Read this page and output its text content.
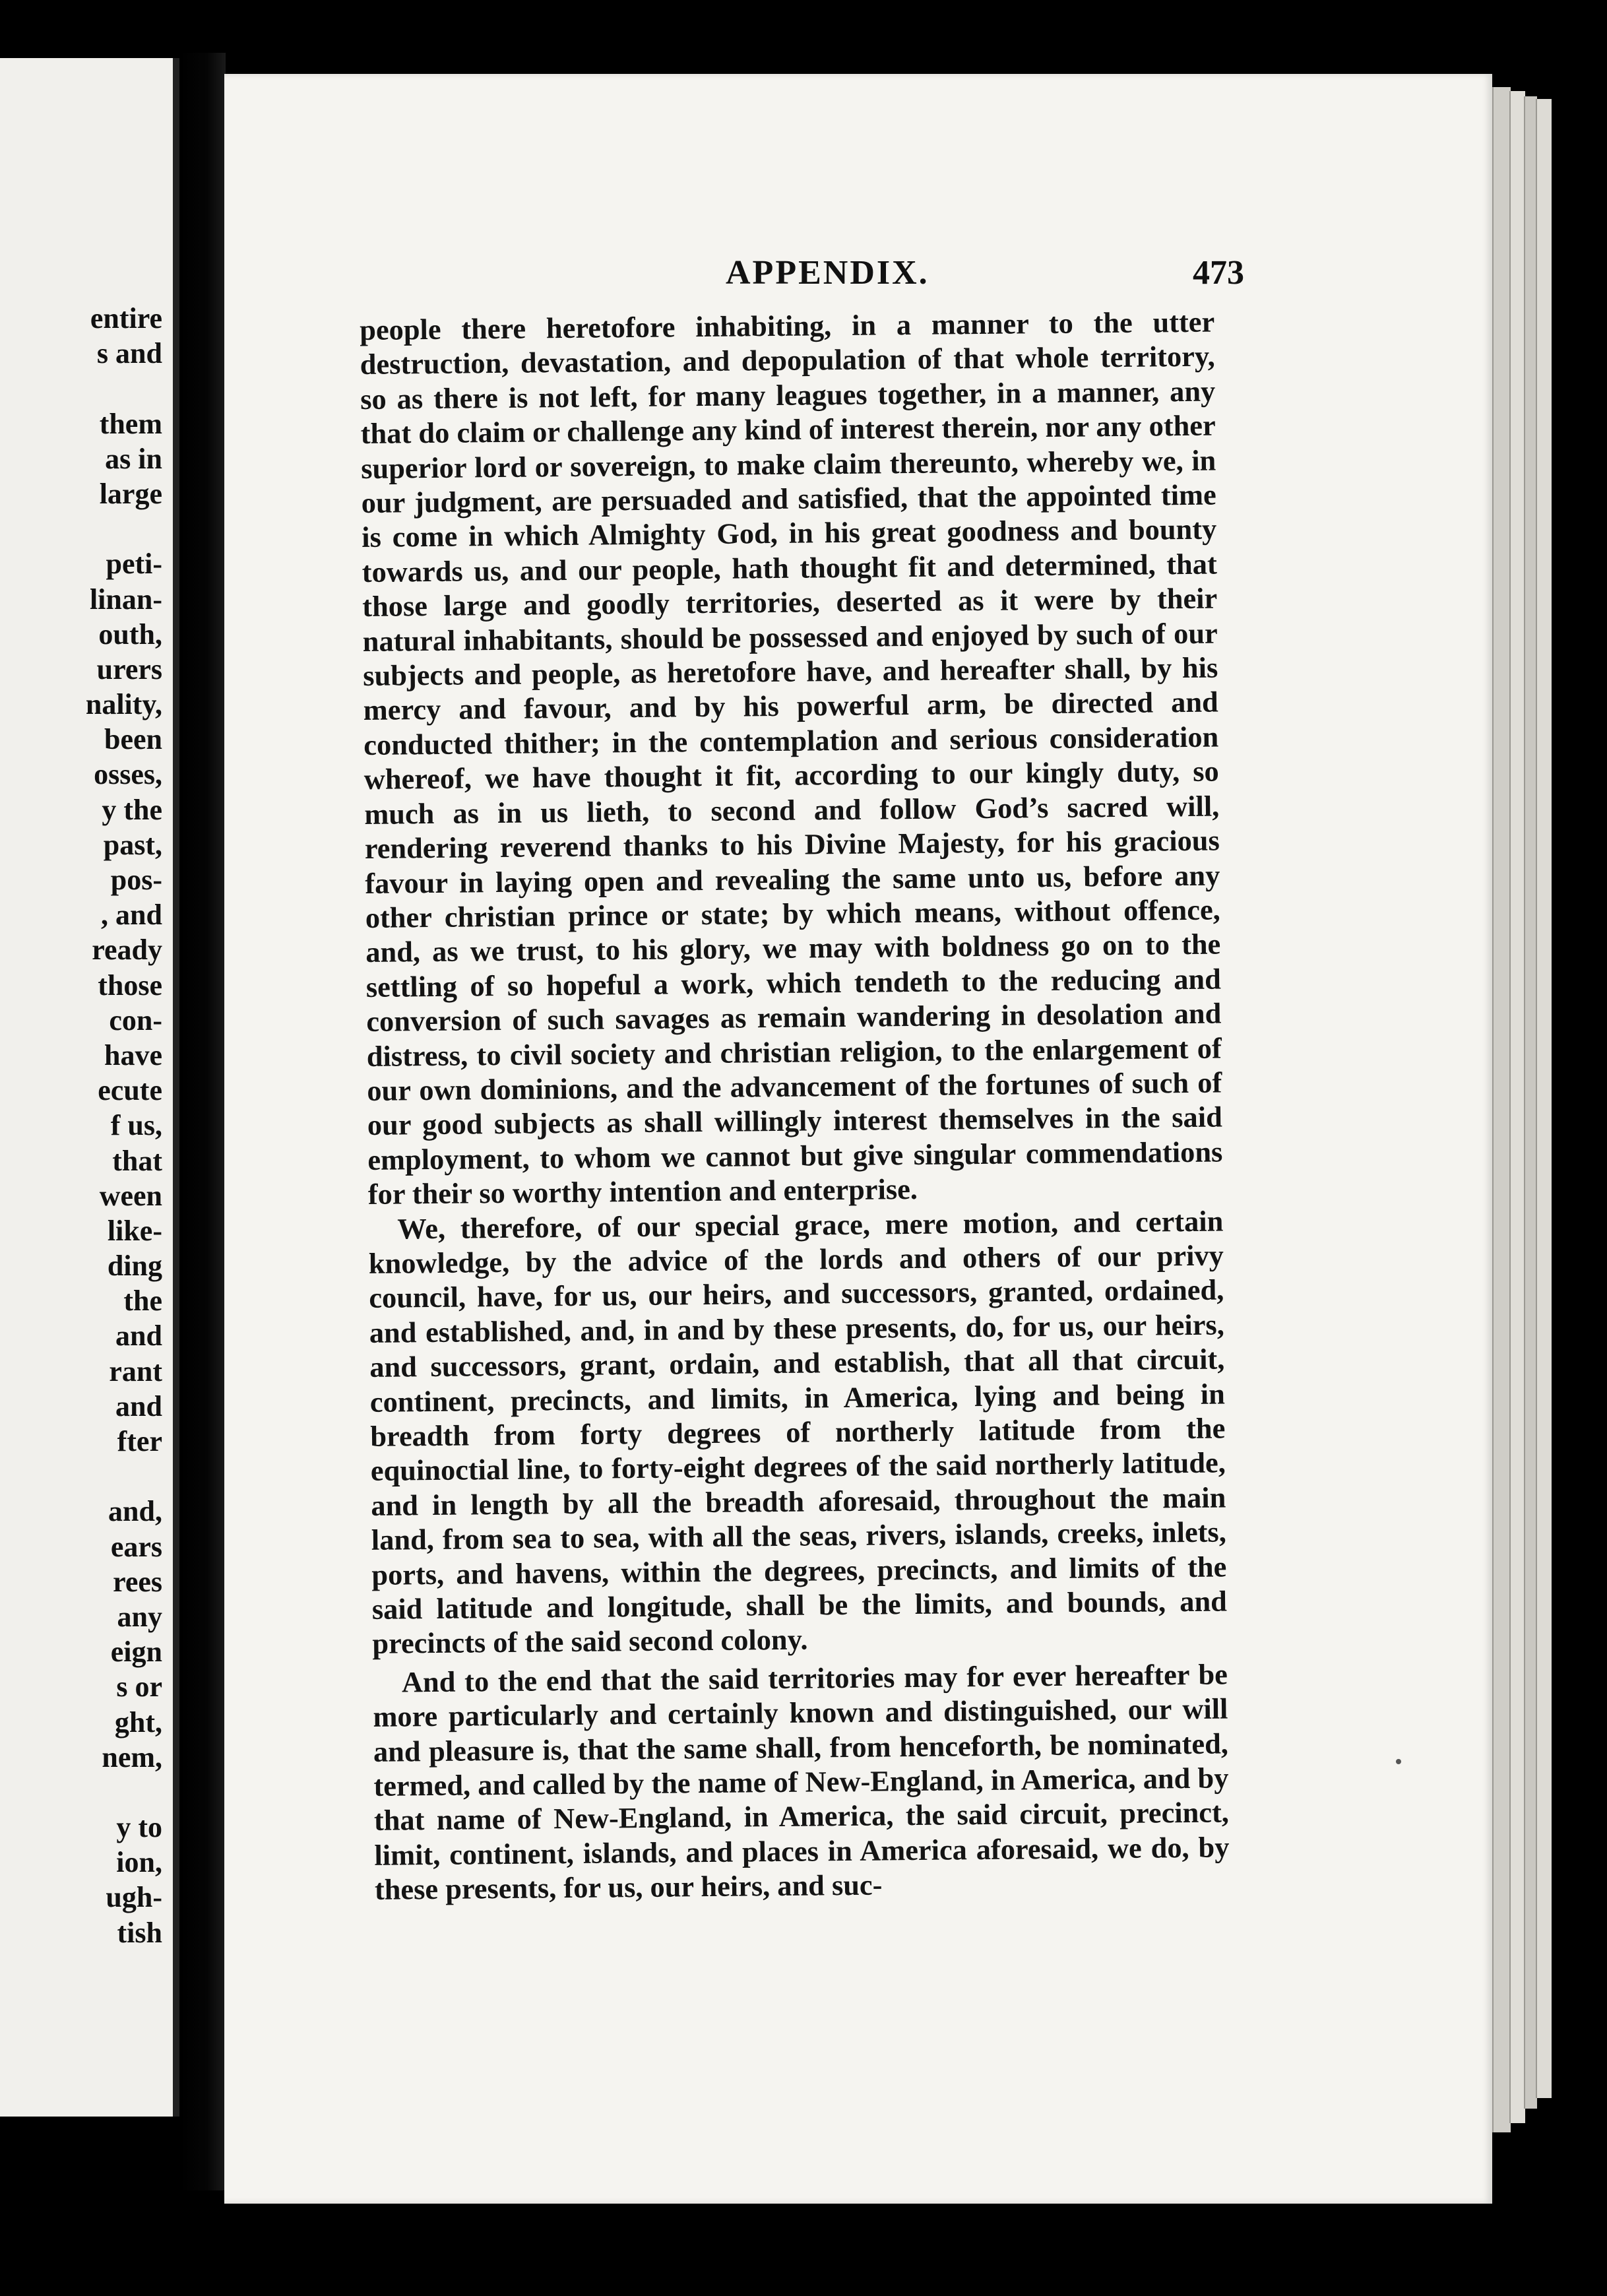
entire
s and
them
as in
large
peti-
linan-
outh,
urers
nality,
been
osses,
y the
past,
pos-
, and
ready
those
con-
have
ecute
f us,
that
ween
like-
ding
the
and
rant
and
fter
and,
ears
rees
any
eign
s or
ght,
nem,
y to
ion,
ugh-
tish
APPENDIX.	473

people there heretofore inhabiting, in a manner to the utter destruction, devastation, and depopulation of that whole territory, so as there is not left, for many leagues together, in a manner, any that do claim or challenge any kind of interest therein, nor any other superior lord or sovereign, to make claim thereunto, whereby we, in our judgment, are persuaded and satisfied, that the appointed time is come in which Almighty God, in his great goodness and bounty towards us, and our people, hath thought fit and determined, that those large and goodly territories, deserted as it were by their natural inhabitants, should be possessed and enjoyed by such of our subjects and people, as heretofore have, and hereafter shall, by his mercy and favour, and by his powerful arm, be directed and conducted thither; in the contemplation and serious consideration whereof, we have thought it fit, according to our kingly duty, so much as in us lieth, to second and follow God’s sacred will, rendering reverend thanks to his Divine Majesty, for his gracious favour in laying open and revealing the same unto us, before any other christian prince or state; by which means, without offence, and, as we trust, to his glory, we may with boldness go on to the settling of so hopeful a work, which tendeth to the reducing and conversion of such savages as remain wandering in desolation and distress, to civil society and christian religion, to the enlargement of our own dominions, and the advancement of the fortunes of such of our good subjects as shall willingly interest themselves in the said employment, to whom we cannot but give singular commendations for their so worthy intention and enterprise.

We, therefore, of our special grace, mere motion, and certain knowledge, by the advice of the lords and others of our privy council, have, for us, our heirs, and successors, granted, ordained, and established, and, in and by these presents, do, for us, our heirs, and successors, grant, ordain, and establish, that all that circuit, continent, precincts, and limits, in America, lying and being in breadth from forty degrees of northerly latitude from the equinoctial line, to forty-eight degrees of the said northerly latitude, and in length by all the breadth aforesaid, throughout the main land, from sea to sea, with all the seas, rivers, islands, creeks, inlets, ports, and havens, within the degrees, precincts, and limits of the said latitude and longitude, shall be the limits, and bounds, and precincts of the said second colony.

And to the end that the said territories may for ever hereafter be more particularly and certainly known and distinguished, our will and pleasure is, that the same shall, from henceforth, be nominated, termed, and called by the name of New-England, in America, and by that name of New-England, in America, the said circuit, precinct, limit, continent, islands, and places in America aforesaid, we do, by these presents, for us, our heirs, and suc-
